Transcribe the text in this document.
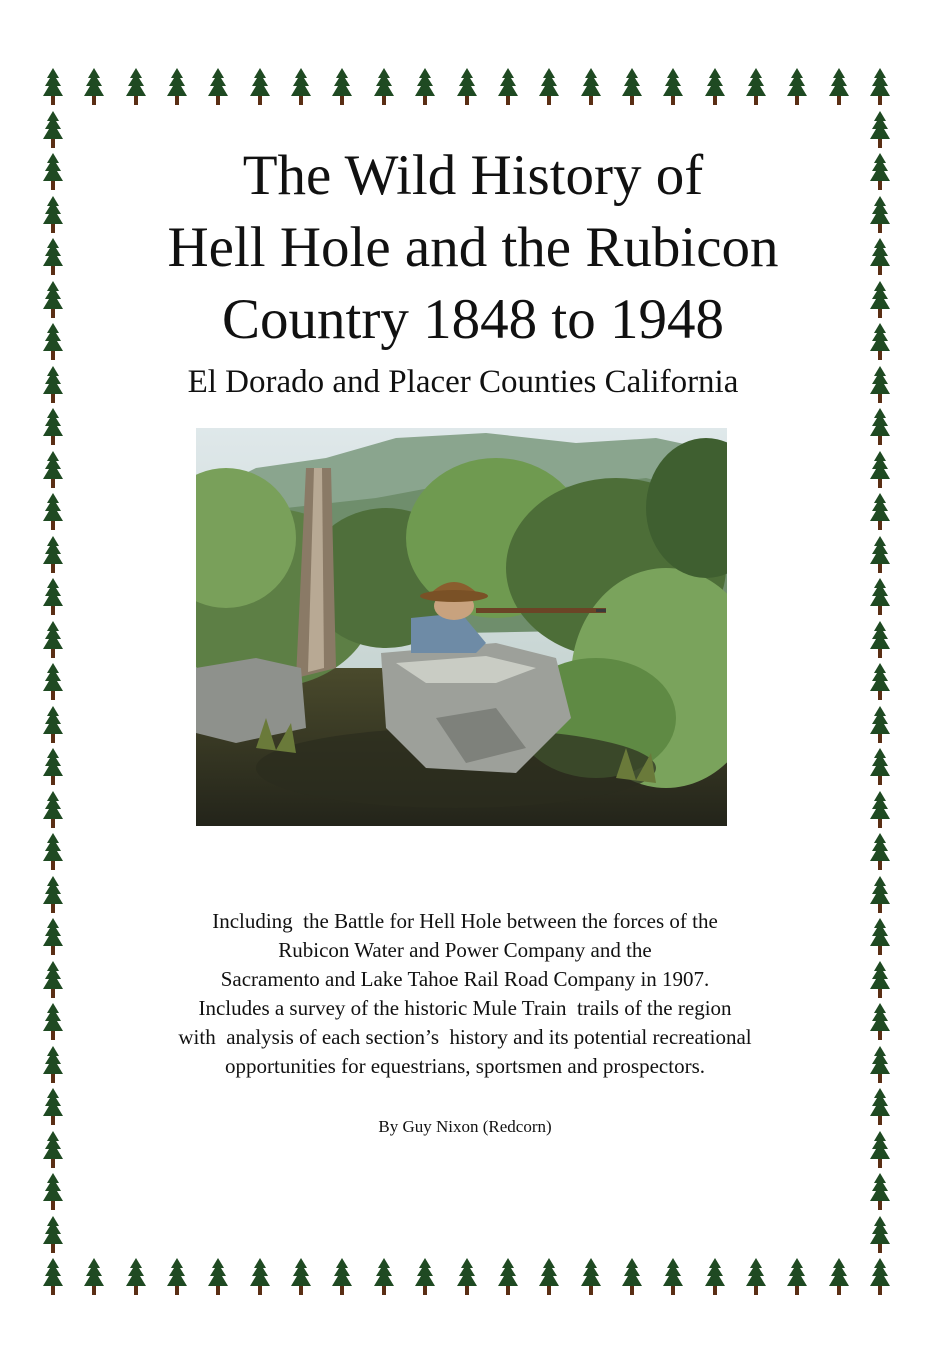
The Wild History of
Hell Hole and the Rubicon
Country 1848 to 1948

El Dorado and Placer Counties California

Including  the Battle for Hell Hole between the forces of the
Rubicon Water and Power Company and the
Sacramento and Lake Tahoe Rail Road Company in 1907.
Includes a survey of the historic Mule Train  trails of the region
with  analysis of each section’s  history and its potential recreational
opportunities for equestrians, sportsmen and prospectors.
By Guy Nixon (Redcorn)
